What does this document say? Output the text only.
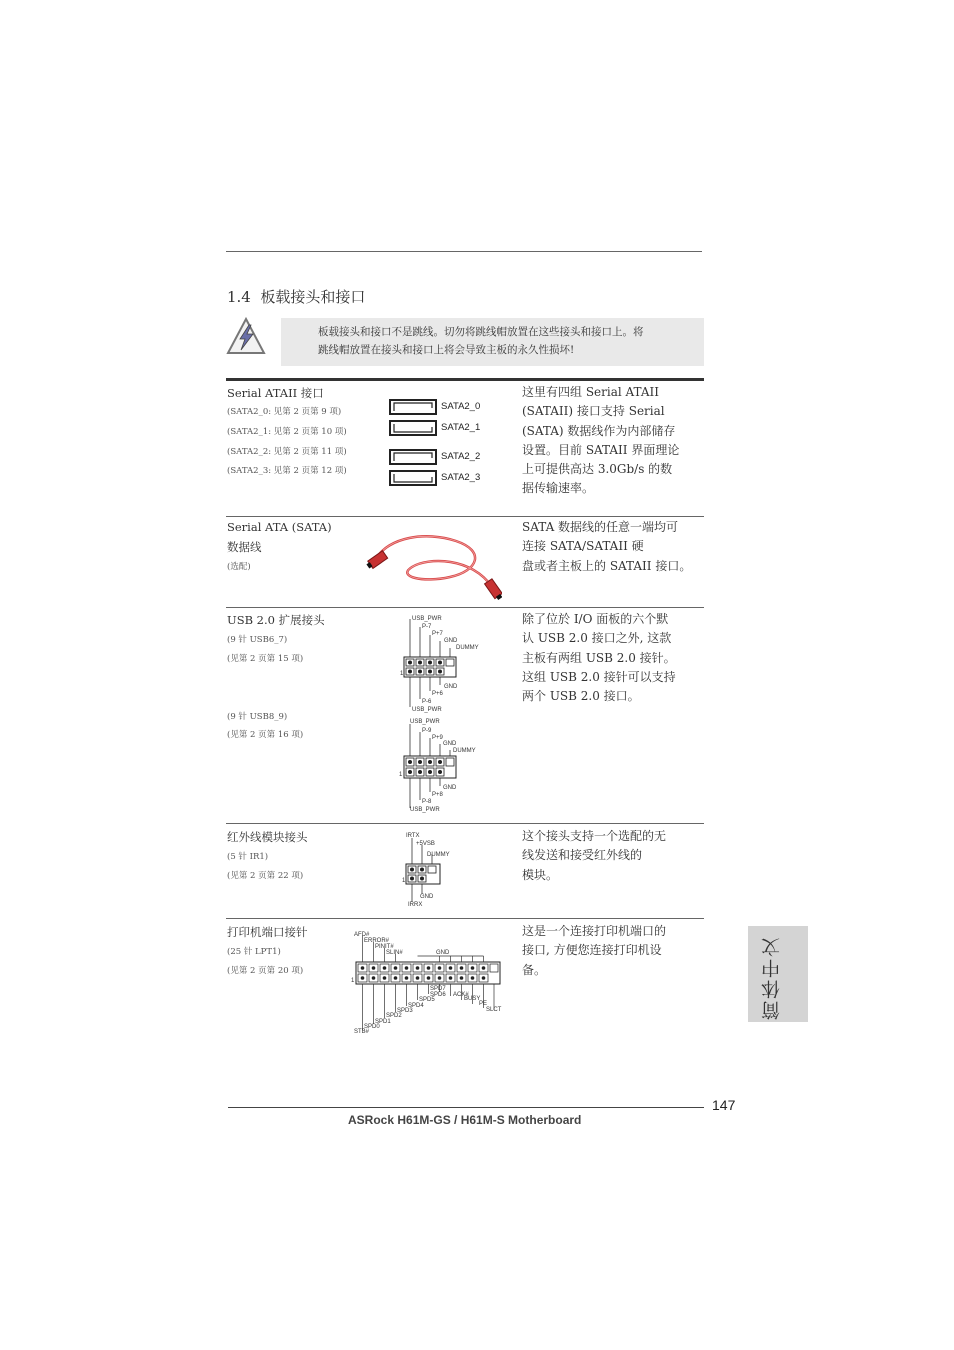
1.4 板载接头和接口
板载接头和接口不是跳线。切勿将跳线帽放置在这些接头和接口上。将
跳线帽放置在接头和接口上将会导致主板的永久性损坏!
Serial ATAII 接口
(SATA2_0: 见第 2 页第 9 项)
(SATA2_1: 见第 2 页第 10 项)
(SATA2_2: 见第 2 页第 11 项)
(SATA2_3: 见第 2 页第 12 项)
SATA2_0
SATA2_1
SATA2_2
SATA2_3
这里有四组 Serial ATAII
(SATAII) 接口支持 Serial
(SATA) 数据线作为内部储存
设置。目前 SATAII 界面理论
上可提供高达 3.0Gb/s 的数
据传输速率。
Serial ATA (SATA)
数据线
(选配)
SATA 数据线的任意一端均可
连接 SATA/SATAII 硬
盘或者主板上的 SATAII 接口。
USB 2.0 扩展接头
(9 针 USB6_7)
(见第 2 页第 15 项)
(9 针 USB8_9)
(见第 2 页第 16 项)
1
USB_PWR
P-7
P+7
GND
DUMMY
GND
P+6
P-6
USB_PWR
1
USB_PWR
P-9
P+9
GND
DUMMY
GND
P+8
P-8
USB_PWR
除了位於 I/O 面板的六个默
认 USB 2.0 接口之外, 这款
主板有两组 USB 2.0 接针。
这组 USB 2.0 接针可以支持
两个 USB 2.0 接口。
红外线模块接头
(5 针 IR1)
(见第 2 页第 22 项)	1
IRTX
+5VSB
DUMMY
GND
IRRX
这个接头支持一个选配的无
线发送和接受红外线的
模块。
打印机端口接针
(25 针 LPT1)
(见第 2 页第 20 项)
1
AFD#
ERROR#
PINIT#
SLIN#	GND
SPD7
SPD6 ACK#
SPD5	BUSY
SPD4	PE
SPD3	SLCT
SPD2
SPD1
SPD0
STB#
这是一个连接打印机端口的
接口, 方便您连接打印机设
备。	简体中文
147
ASRock H61M-GS / H61M-S Motherboard
